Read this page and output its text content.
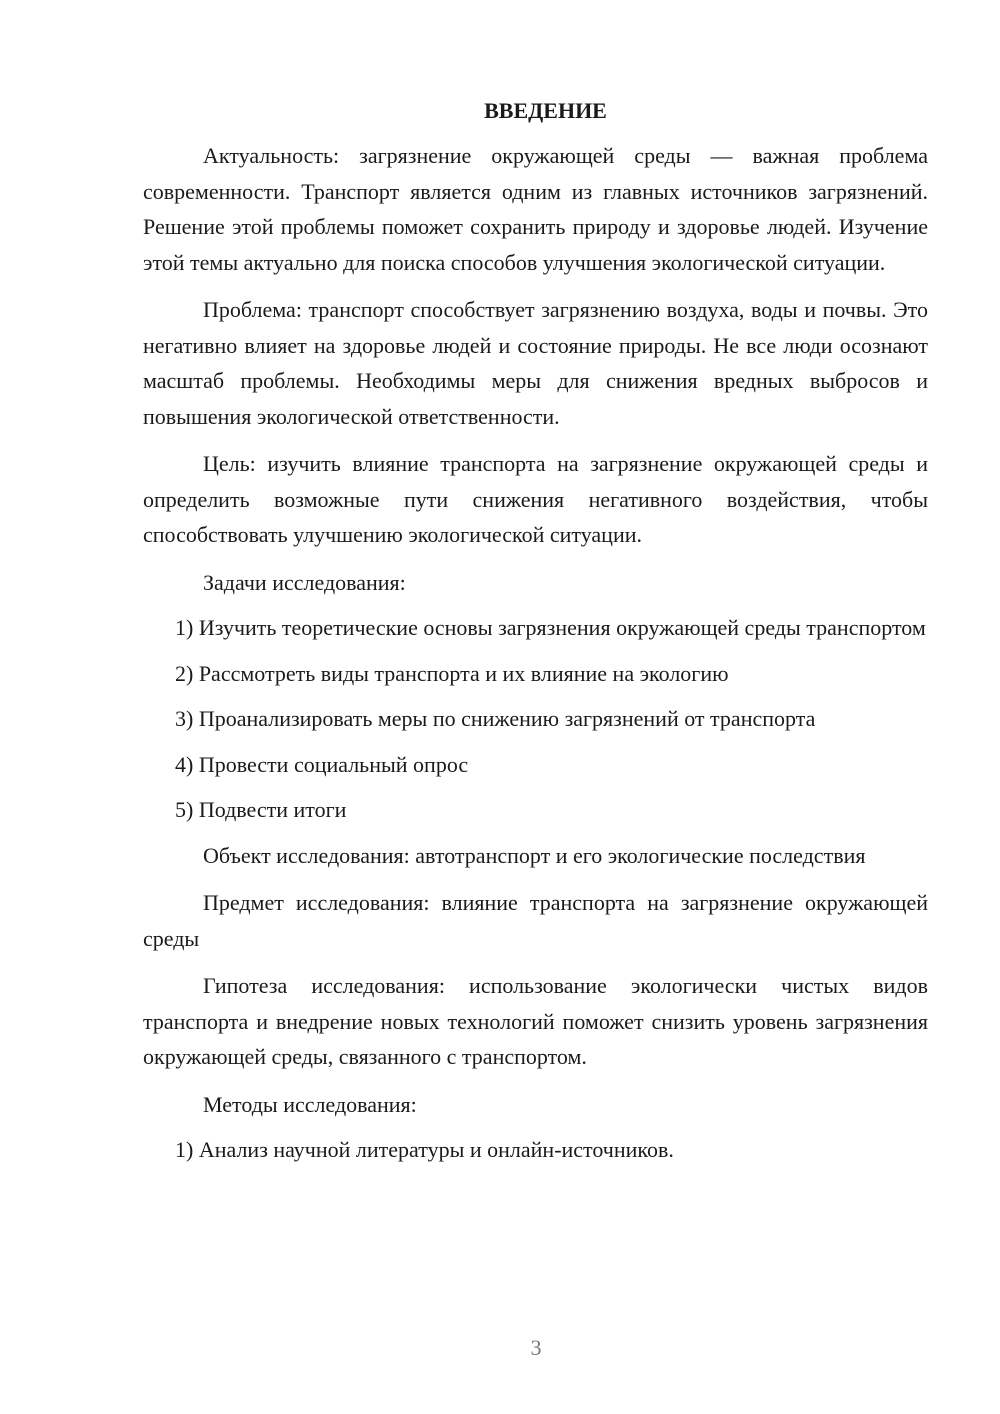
ВВЕДЕНИЕ

Актуальность: загрязнение окружающей среды — важная проблема современности. Транспорт является одним из главных источников загрязнений. Решение этой проблемы поможет сохранить природу и здоровье людей. Изучение этой темы актуально для поиска способов улучшения экологической ситуации.

Проблема: транспорт способствует загрязнению воздуха, воды и почвы. Это негативно влияет на здоровье людей и состояние природы. Не все люди осознают масштаб проблемы. Необходимы меры для снижения вредных выбросов и повышения экологической ответственности.

Цель: изучить влияние транспорта на загрязнение окружающей среды и определить возможные пути снижения негативного воздействия, чтобы способствовать улучшению экологической ситуации.

Задачи исследования:

1) Изучить теоретические основы загрязнения окружающей среды транспортом

2) Рассмотреть виды транспорта и их влияние на экологию

3) Проанализировать меры по снижению загрязнений от транспорта

4) Провести социальный опрос

5) Подвести итоги

Объект исследования: автотранспорт и его экологические последствия

Предмет исследования: влияние транспорта на загрязнение окружающей среды

Гипотеза исследования: использование экологически чистых видов транспорта и внедрение новых технологий поможет снизить уровень загрязнения окружающей среды, связанного с транспортом.

Методы исследования:

1) Анализ научной литературы и онлайн-источников.

3
